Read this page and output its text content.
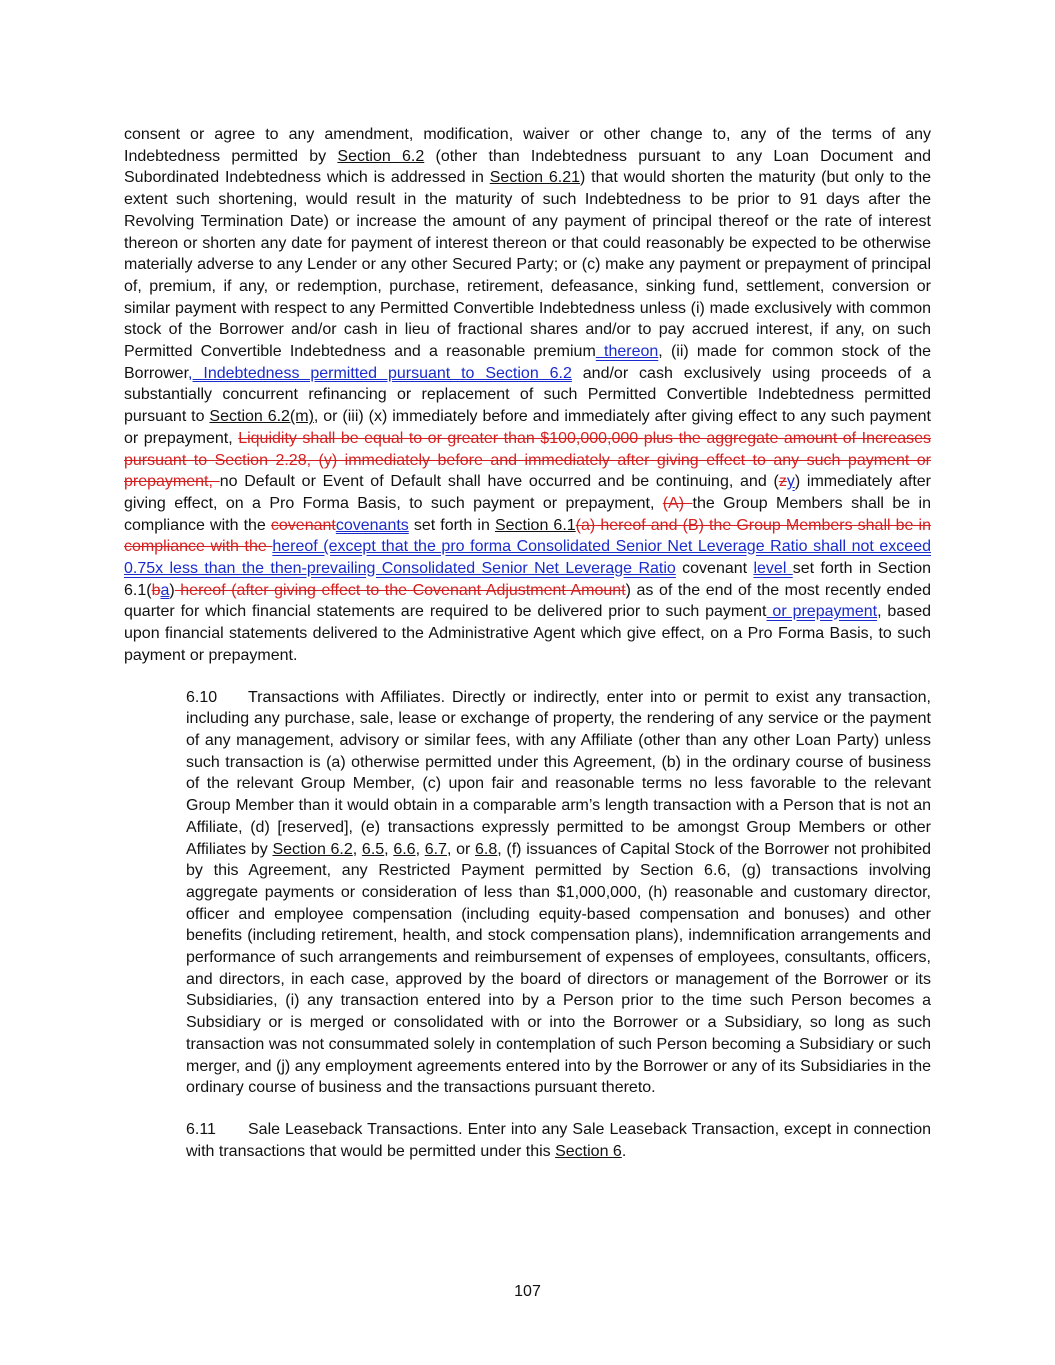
consent or agree to any amendment, modification, waiver or other change to, any of the terms of any Indebtedness permitted by Section 6.2 (other than Indebtedness pursuant to any Loan Document and Subordinated Indebtedness which is addressed in Section 6.21) that would shorten the maturity (but only to the extent such shortening, would result in the maturity of such Indebtedness to be prior to 91 days after the Revolving Termination Date) or increase the amount of any payment of principal thereof or the rate of interest thereon or shorten any date for payment of interest thereon or that could reasonably be expected to be otherwise materially adverse to any Lender or any other Secured Party; or (c) make any payment or prepayment of principal of, premium, if any, or redemption, purchase, retirement, defeasance, sinking fund, settlement, conversion or similar payment with respect to any Permitted Convertible Indebtedness unless (i) made exclusively with common stock of the Borrower and/or cash in lieu of fractional shares and/or to pay accrued interest, if any, on such Permitted Convertible Indebtedness and a reasonable premium thereon, (ii) made for common stock of the Borrower, Indebtedness permitted pursuant to Section 6.2 and/or cash exclusively using proceeds of a substantially concurrent refinancing or replacement of such Permitted Convertible Indebtedness permitted pursuant to Section 6.2(m), or (iii) (x) immediately before and immediately after giving effect to any such payment or prepayment, Liquidity shall be equal to or greater than $100,000,000 plus the aggregate amount of Increases pursuant to Section 2.28, (y) immediately before and immediately after giving effect to any such payment or prepayment, no Default or Event of Default shall have occurred and be continuing, and (zy) immediately after giving effect, on a Pro Forma Basis, to such payment or prepayment, (A) the Group Members shall be in compliance with the covenantcovenants set forth in Section 6.1(a) hereof and (B) the Group Members shall be in compliance with the hereof (except that the pro forma Consolidated Senior Net Leverage Ratio shall not exceed 0.75x less than the then-prevailing Consolidated Senior Net Leverage Ratio covenant level set forth in Section 6.1(ba) hereof (after giving effect to the Covenant Adjustment Amount) as of the end of the most recently ended quarter for which financial statements are required to be delivered prior to such payment or prepayment, based upon financial statements delivered to the Administrative Agent which give effect, on a Pro Forma Basis, to such payment or prepayment.

6.10 Transactions with Affiliates. Directly or indirectly, enter into or permit to exist any transaction, including any purchase, sale, lease or exchange of property, the rendering of any service or the payment of any management, advisory or similar fees, with any Affiliate (other than any other Loan Party) unless such transaction is (a) otherwise permitted under this Agreement, (b) in the ordinary course of business of the relevant Group Member, (c) upon fair and reasonable terms no less favorable to the relevant Group Member than it would obtain in a comparable arm’s length transaction with a Person that is not an Affiliate, (d) [reserved], (e) transactions expressly permitted to be amongst Group Members or other Affiliates by Section 6.2, 6.5, 6.6, 6.7, or 6.8, (f) issuances of Capital Stock of the Borrower not prohibited by this Agreement, any Restricted Payment permitted by Section 6.6, (g) transactions involving aggregate payments or consideration of less than $1,000,000, (h) reasonable and customary director, officer and employee compensation (including equity-based compensation and bonuses) and other benefits (including retirement, health, and stock compensation plans), indemnification arrangements and performance of such arrangements and reimbursement of expenses of employees, consultants, officers, and directors, in each case, approved by the board of directors or management of the Borrower or its Subsidiaries, (i) any transaction entered into by a Person prior to the time such Person becomes a Subsidiary or is merged or consolidated with or into the Borrower or a Subsidiary, so long as such transaction was not consummated solely in contemplation of such Person becoming a Subsidiary or such merger, and (j) any employment agreements entered into by the Borrower or any of its Subsidiaries in the ordinary course of business and the transactions pursuant thereto.

6.11 Sale Leaseback Transactions. Enter into any Sale Leaseback Transaction, except in connection with transactions that would be permitted under this Section 6.

107
